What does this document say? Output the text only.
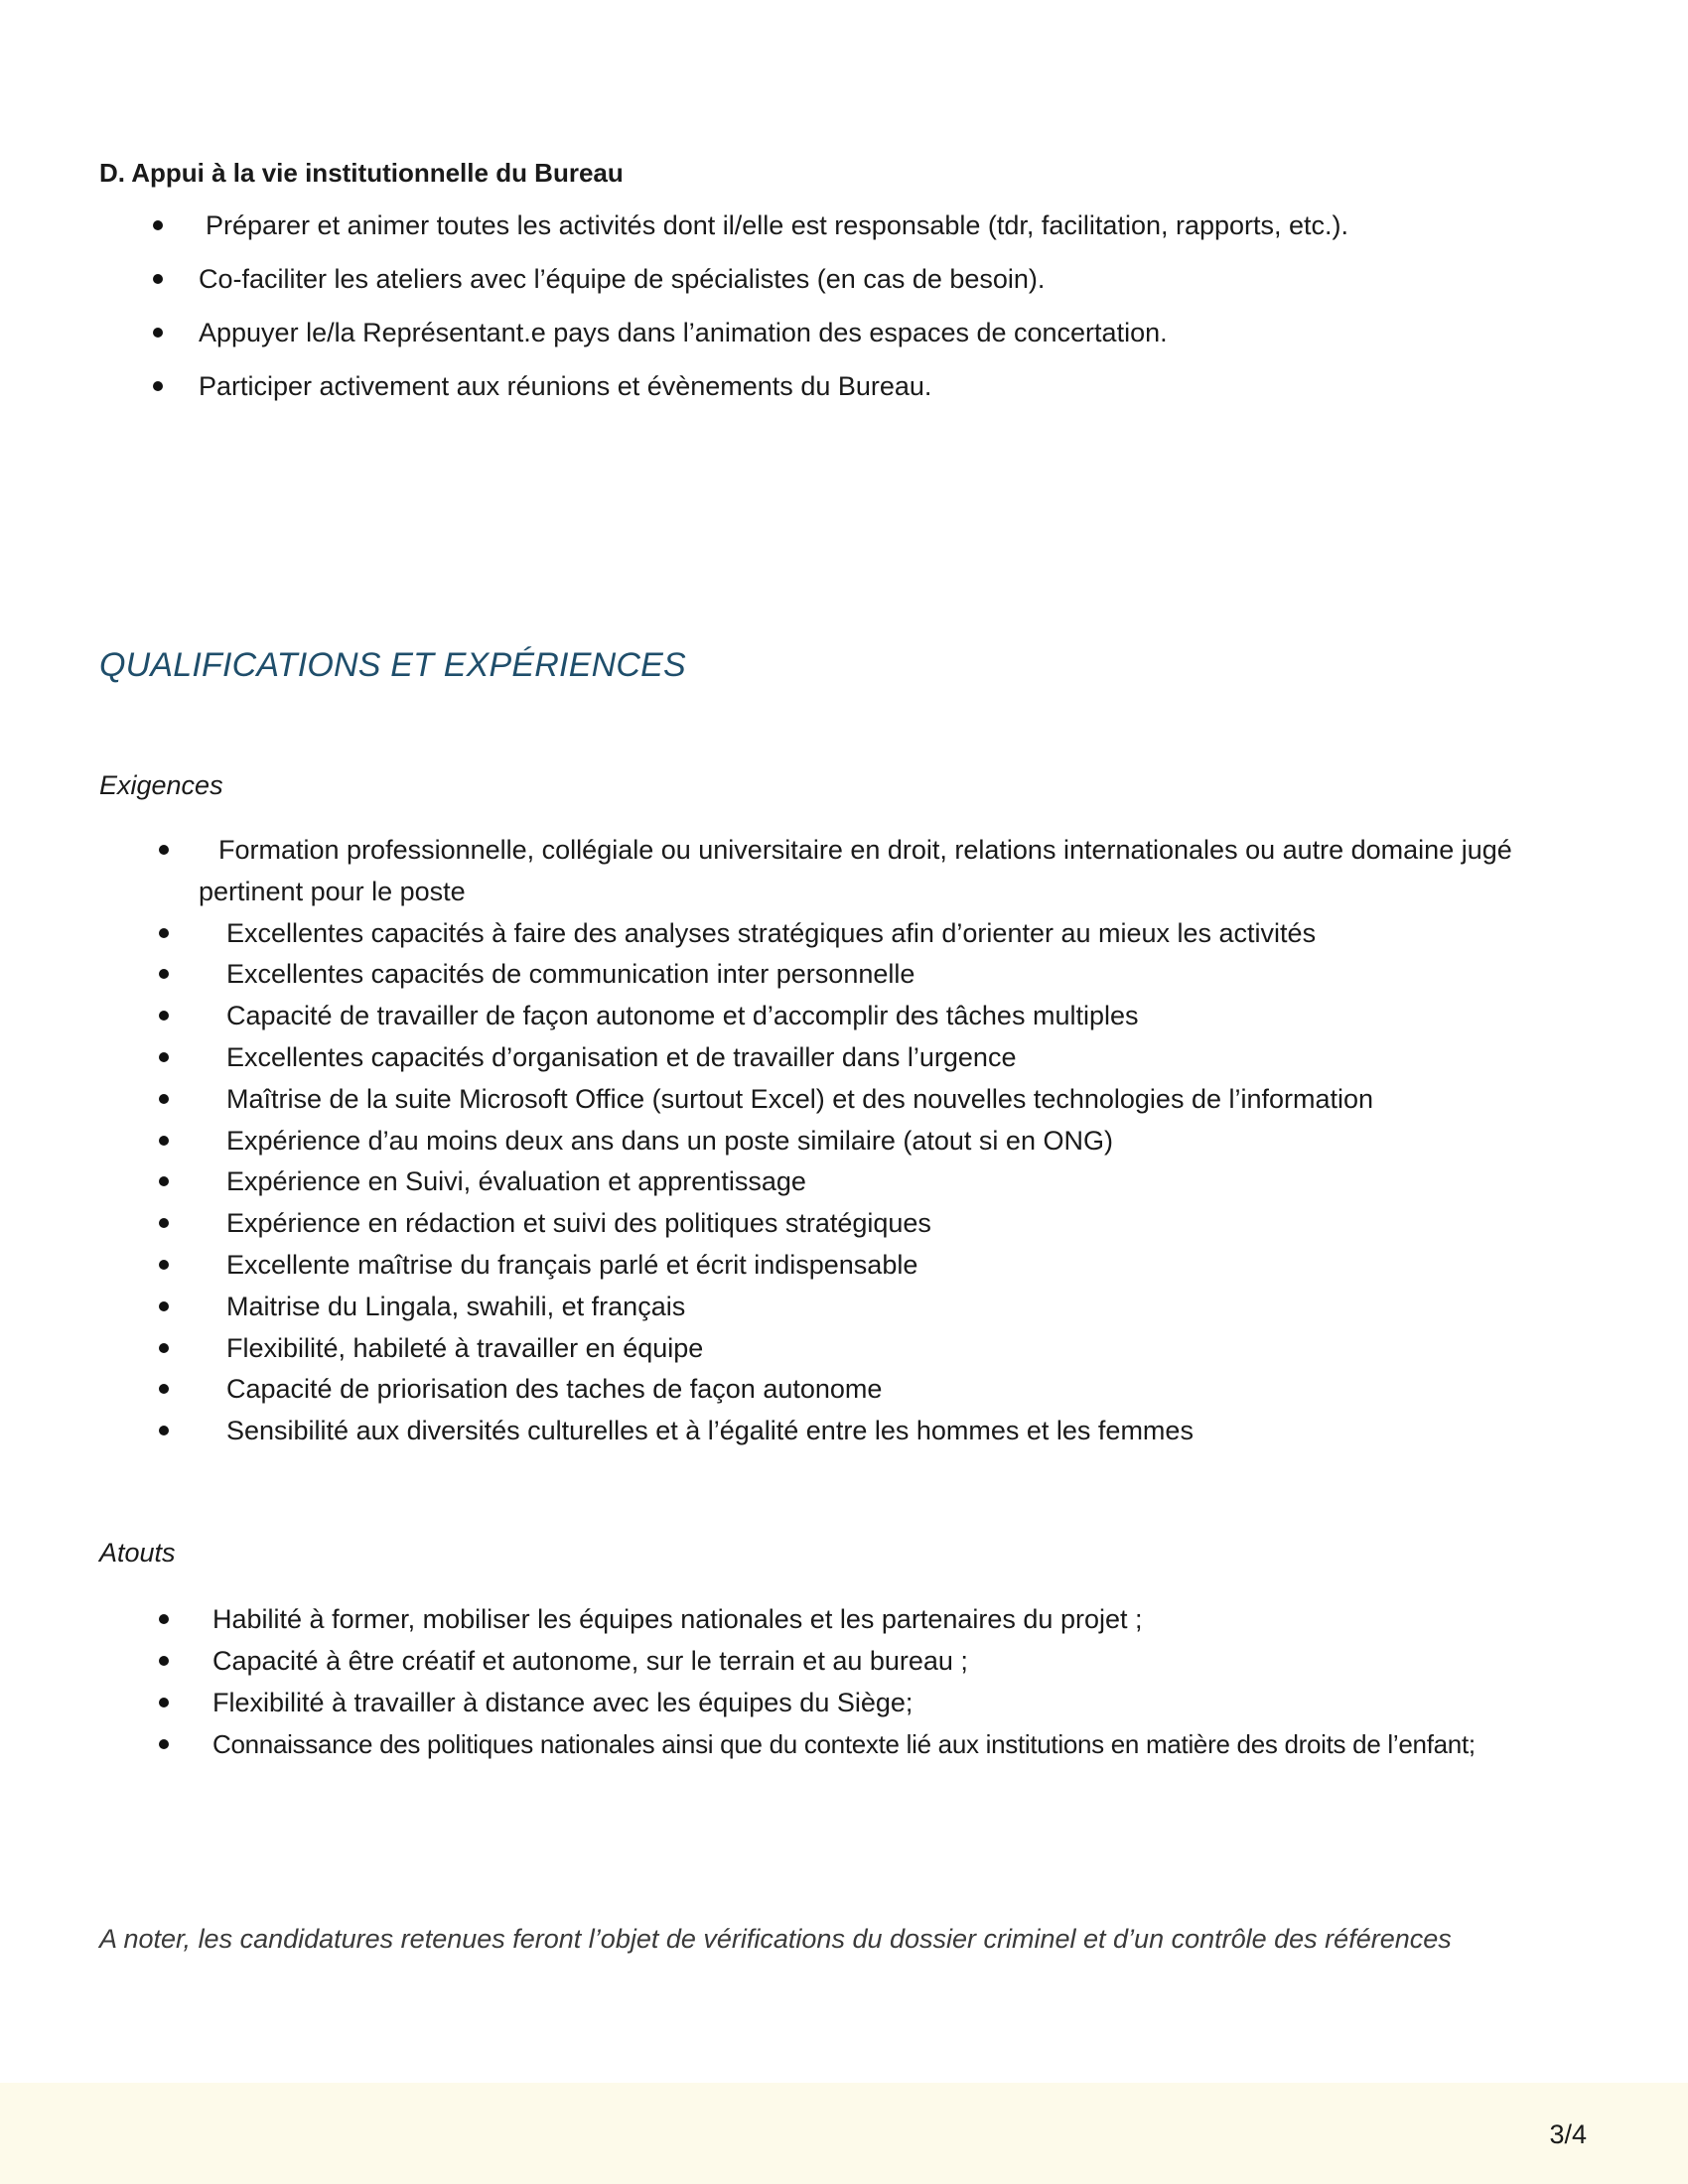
D. Appui à la vie institutionnelle du Bureau
Préparer et animer toutes les activités dont il/elle est responsable (tdr, facilitation, rapports, etc.).
Co-faciliter les ateliers avec l’équipe de spécialistes (en cas de besoin).
Appuyer le/la Représentant.e pays dans l’animation des espaces de concertation.
Participer activement aux réunions et évènements du Bureau.
QUALIFICATIONS ET EXPÉRIENCES
Exigences
Formation professionnelle, collégiale ou universitaire en droit, relations internationales ou autre domaine jugé pertinent pour le poste
Excellentes capacités à faire des analyses stratégiques afin d’orienter au mieux les activités
Excellentes capacités de communication inter personnelle
Capacité de travailler de façon autonome et d’accomplir des tâches multiples
Excellentes capacités d’organisation et de travailler dans l’urgence
Maîtrise de la suite Microsoft Office (surtout Excel) et des nouvelles technologies de l’information
Expérience d’au moins deux ans dans un poste similaire (atout si en ONG)
Expérience en Suivi, évaluation et apprentissage
Expérience en rédaction et suivi des politiques stratégiques
Excellente maîtrise du français parlé et écrit indispensable
Maitrise du Lingala, swahili, et français
Flexibilité, habileté à travailler en équipe
Capacité de priorisation des taches de façon autonome
Sensibilité aux diversités culturelles et à l’égalité entre les hommes et les femmes
Atouts
Habilité à former, mobiliser les équipes nationales et les partenaires du projet ;
Capacité à être créatif et autonome, sur le terrain et au bureau ;
Flexibilité à travailler à distance avec les équipes du Siège;
Connaissance des politiques nationales ainsi que du contexte lié aux institutions en matière des droits de l’enfant;
A noter, les candidatures retenues feront l’objet de vérifications du dossier criminel et d’un contrôle des références
3/4
